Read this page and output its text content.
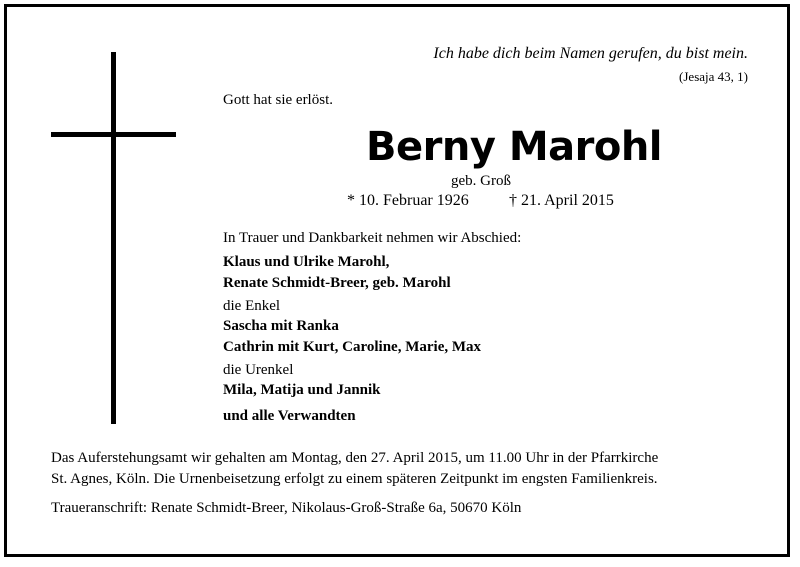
Ich habe dich beim Namen gerufen, du bist mein.
(Jesaja 43, 1)
Gott hat sie erlöst.
Berny Marohl
geb. Groß
* 10. Februar 1926	† 21. April 2015
In Trauer und Dankbarkeit nehmen wir Abschied:
Klaus und Ulrike Marohl,
Renate Schmidt-Breer, geb. Marohl
die Enkel
Sascha mit Ranka
Cathrin mit Kurt, Caroline, Marie, Max
die Urenkel
Mila, Matija und Jannik
und alle Verwandten
Das Auferstehungsamt wir gehalten am Montag, den 27. April 2015, um 11.00 Uhr in der Pfarrkirche
St. Agnes, Köln. Die Urnenbeisetzung erfolgt zu einem späteren Zeitpunkt im engsten Familienkreis.
Traueranschrift: Renate Schmidt-Breer, Nikolaus-Groß-Straße 6a, 50670 Köln
